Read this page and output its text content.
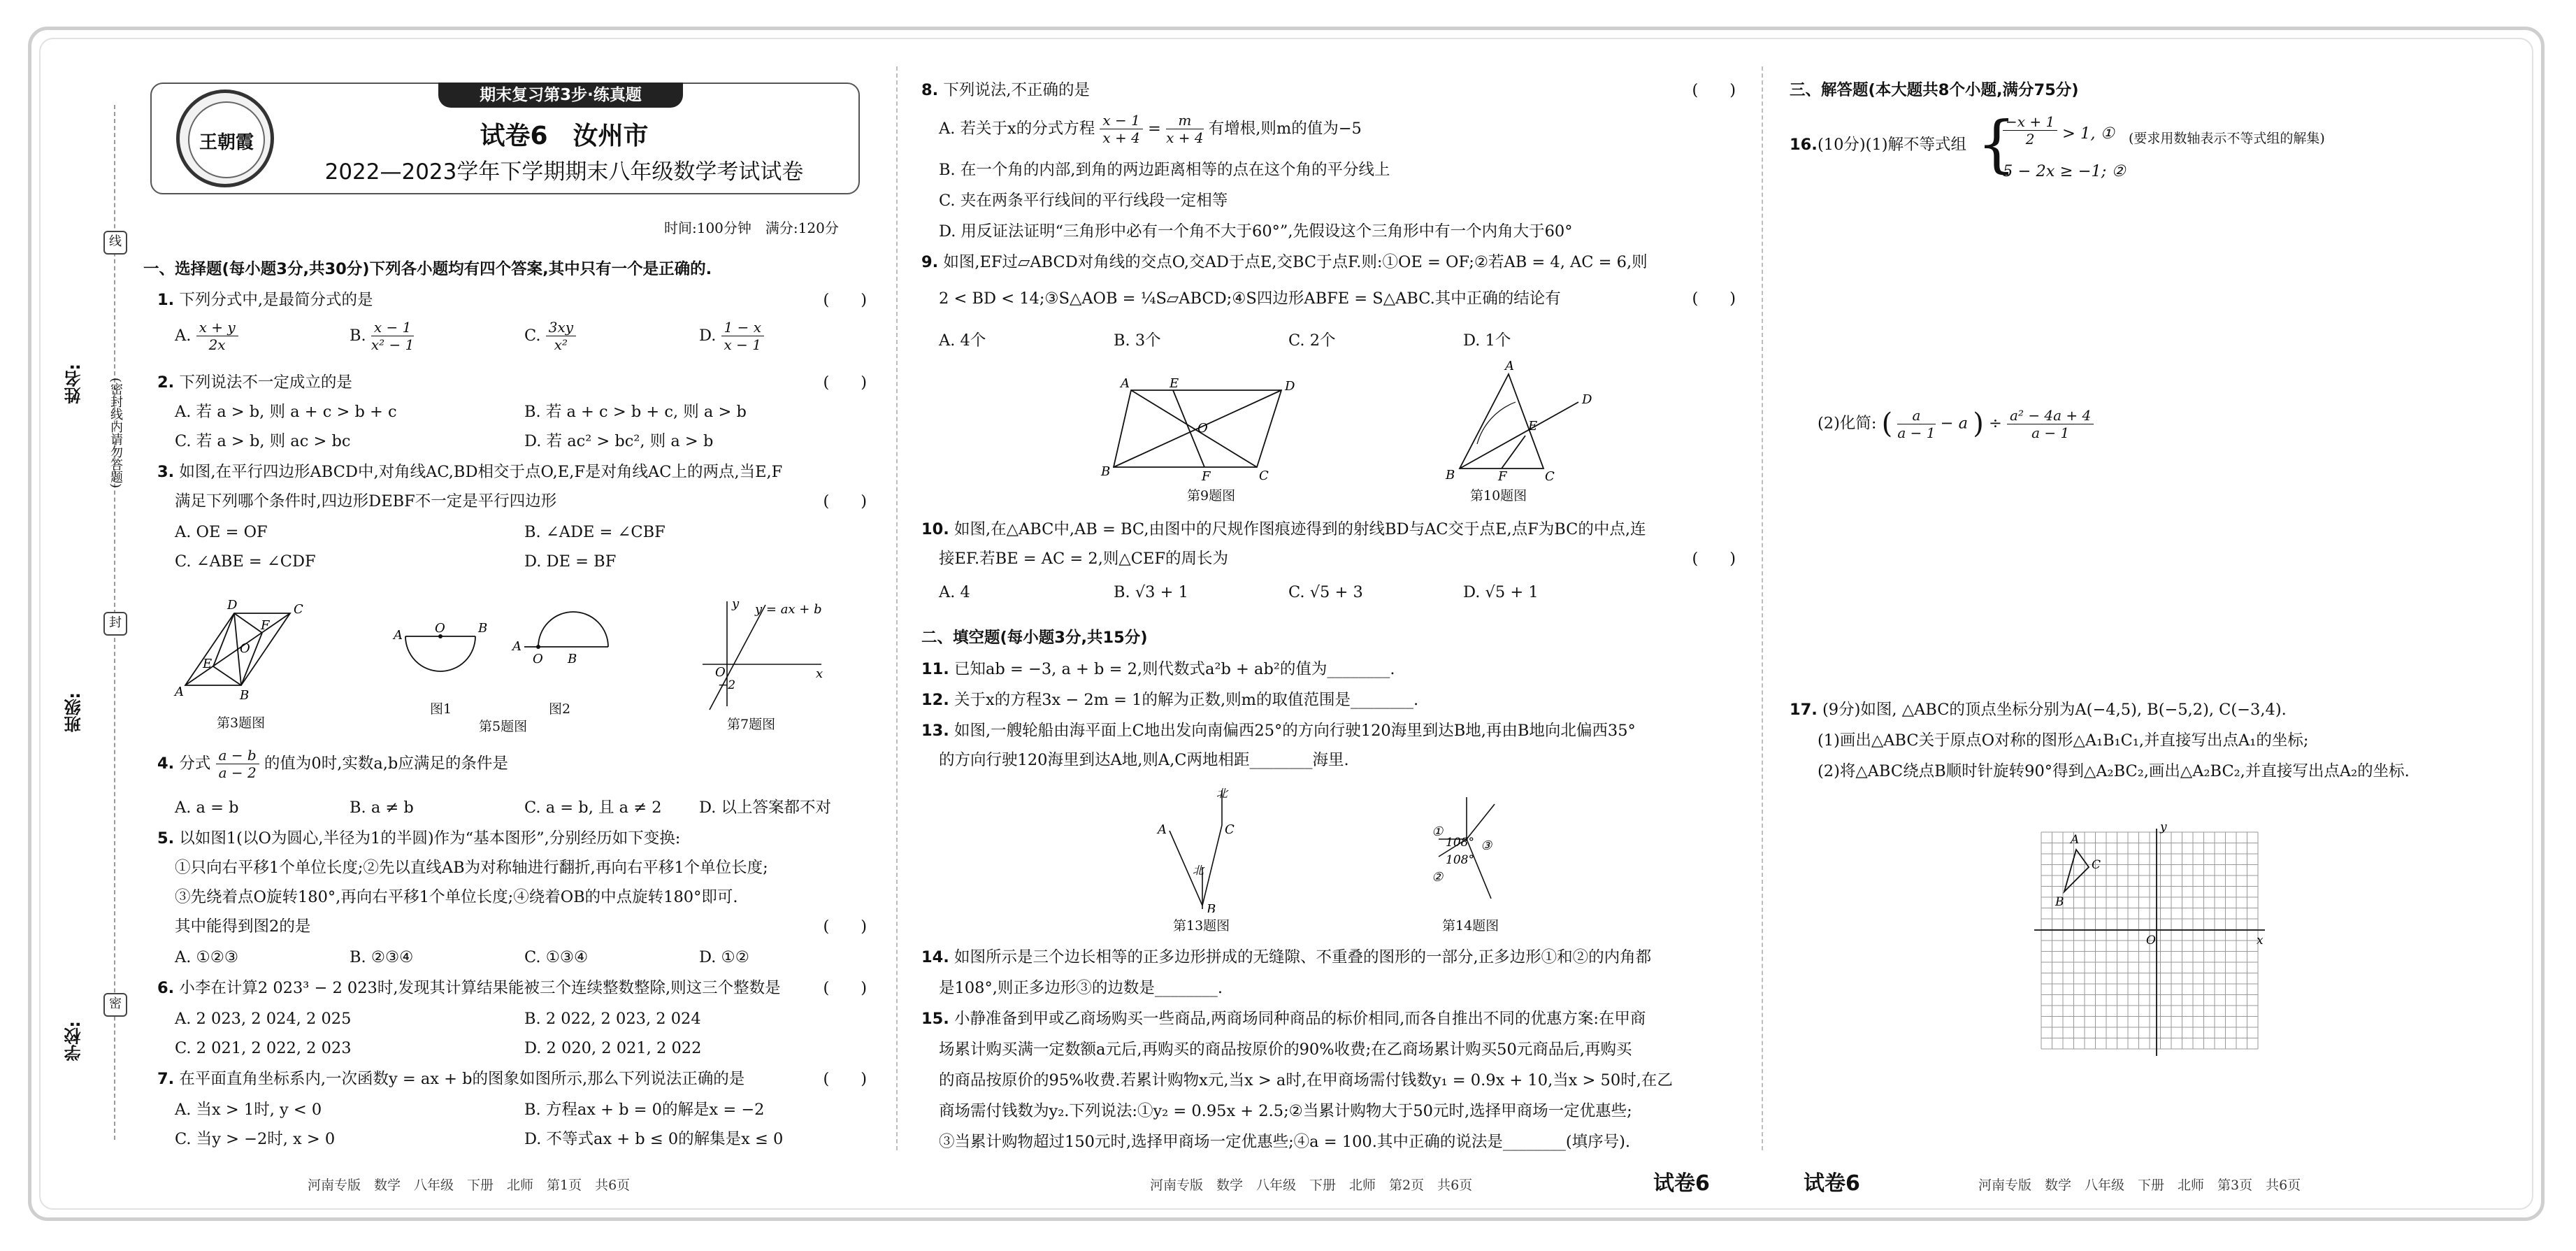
姓名:
班级:
学校:
线
封
密
(密封线内请勿答题)
期末复习第3步·练真题
王朝霞	试卷6　汝州市
2022—2023学年下学期期末八年级数学考试试卷
时间:100分钟　满分:120分
一、选择题(每小题3分,共30分)下列各小题均有四个答案,其中只有一个是正确的.
1. 下列分式中,是最简分式的是	(　　)
A. $\frac{x + y}{2x}$	B. $\frac{x - 1}{\text{x² − 1}}$	C. $\frac{3xy}{\text{x²}}$	D. $\frac{1 - x}{x - 1}$
2. 下列说法不一定成立的是	(　　)
A. 若 a > b, 则 a + c > b + c	B. 若 a + c > b + c, 则 a > b
C. 若 a > b, 则 ac > bc	D. 若 ac² > bc², 则 a > b
3. 如图,在平行四边形ABCD中,对角线AC,BD相交于点O,E,F是对角线AC上的两点,当E,F
满足下列哪个条件时,四边形DEBF不一定是平行四边形	(　　)
A. OE = OF	B. ∠ADE = ∠CBF
C. ∠ABE = ∠CDF	D. DE = BF
A	B
C
D
E
F
O
第3题图
A	O	B
图1
A
O B
图2
第5题图
y = ax + b
x
y
O
−2
第7题图
4. 分式 $\frac{a - b}{a - 2}$ 的值为0时,实数a,b应满足的条件是
A. a = b	B. a ≠ b	C. a = b, 且 a ≠ 2 D. 以上答案都不对
5. 以如图1(以O为圆心,半径为1的半圆)作为“基本图形”,分别经历如下变换:
①只向右平移1个单位长度;②先以直线AB为对称轴进行翻折,再向右平移1个单位长度;
③先绕着点O旋转180°,再向右平移1个单位长度;④绕着OB的中点旋转180°即可.
其中能得到图2的是	(　　)
A. ①②③	B. ②③④	C. ①③④	D. ①②
6. 小李在计算2 023³ − 2 023时,发现其计算结果能被三个连续整数整除,则这三个整数是	(　　)
A. 2 023, 2 024, 2 025	B. 2 022, 2 023, 2 024
C. 2 021, 2 022, 2 023	D. 2 020, 2 021, 2 022
7. 在平面直角坐标系内,一次函数y = ax + b的图象如图所示,那么下列说法正确的是	(　　)
A. 当x > 1时, y < 0	B. 方程ax + b = 0的解是x = −2
C. 当y > −2时, x > 0	D. 不等式ax + b ≤ 0的解集是x ≤ 0
8. 下列说法,不正确的是	(　　)
A. 若关于x的分式方程 $\frac{x - 1}{x + 4} = \frac{m}{x + 4}$ 有增根,则m的值为−5
B. 在一个角的内部,到角的两边距离相等的点在这个角的平分线上
C. 夹在两条平行线间的平行线段一定相等
D. 用反证法证明“三角形中必有一个角不大于60°”,先假设这个三角形中有一个内角大于60°
9. 如图,EF过▱ABCD对角线的交点O,交AD于点E,交BC于点F.则:①OE = OF;②若AB = 4, AC = 6,则
2 < BD < 14;③S△AOB = ¼S▱ABCD;④S四边形ABFE = S△ABC.其中正确的结论有	(　　)
A. 4个	B. 3个	C. 2个	D. 1个
A	E	D
B	F	C
O
第9题图
A
B	C
D
E
F
第10题图
10. 如图,在△ABC中,AB = BC,由图中的尺规作图痕迹得到的射线BD与AC交于点E,点F为BC的中点,连
接EF.若BE = AC = 2,则△CEF的周长为	(　　)
A. 4	B. √3 + 1	C. √5 + 3	D. √5 + 1
二、填空题(每小题3分,共15分)
11. 已知ab = −3, a + b = 2,则代数式a²b + ab²的值为________.
12. 关于x的方程3x − 2m = 1的解为正数,则m的取值范围是________.
13. 如图,一艘轮船由海平面上C地出发向南偏西25°的方向行驶120海里到达B地,再由B地向北偏西35°
的方向行驶120海里到达A地,则A,C两地相距________海里.
北
C
A
北
B
第13题图
①
108°
108°
②
③
第14题图
14. 如图所示是三个边长相等的正多边形拼成的无缝隙、不重叠的图形的一部分,正多边形①和②的内角都
是108°,则正多边形③的边数是________.
15. 小静准备到甲或乙商场购买一些商品,两商场同种商品的标价相同,而各自推出不同的优惠方案:在甲商
场累计购买满一定数额a元后,再购买的商品按原价的90%收费;在乙商场累计购买50元商品后,再购买
的商品按原价的95%收费.若累计购物x元,当x > a时,在甲商场需付钱数y₁ = 0.9x + 10,当x > 50时,在乙
商场需付钱数为y₂.下列说法:①y₂ = 0.95x + 2.5;②当累计购物大于50元时,选择甲商场一定优惠些;
③当累计购物超过150元时,选择甲商场一定优惠些;④a = 100.其中正确的说法是________(填序号).
三、解答题(本大题共8个小题,满分75分)
16. (10分)(1)解不等式组 {
−x + 1
2	> 1, ①
5 − 2x ≥ −1; ②
(要求用数轴表示不等式组的解集)
(2)化简: ( $\frac{a}{a - 1} - a$ ) ÷ $\frac{\text{a² − 4a + 4}}{a - 1}$
17. (9分)如图, △ABC的顶点坐标分别为A(−4,5), B(−5,2), C(−3,4).
(1)画出△ABC关于原点O对称的图形△A₁B₁C₁,并直接写出点A₁的坐标;
(2)将△ABC绕点B顺时针旋转90°得到△A₂BC₂,画出△A₂BC₂,并直接写出点A₂的坐标.
A
B
C
O	x
y
河南专版　数学　八年级　下册　北师　第1页　共6页	河南专版　数学　八年级　下册　北师　第2页　共6页	试卷6	试卷6	河南专版　数学　八年级　下册　北师　第3页　共6页
